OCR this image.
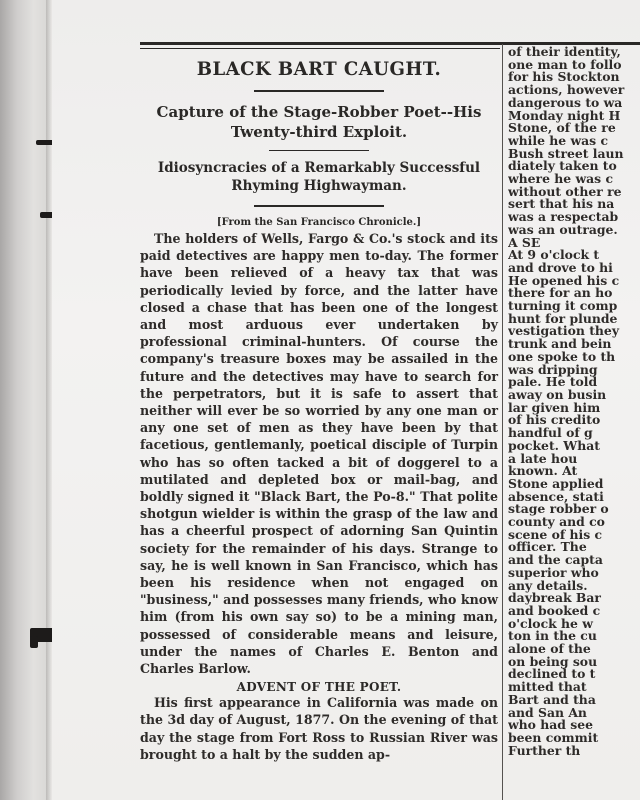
BLACK BART CAUGHT.
Capture of the Stage-Robber Poet--His Twenty-third Exploit.
Idiosyncracies of a Remarkably Successful Rhyming Highwayman.
[From the San Francisco Chronicle.]

The holders of Wells, Fargo & Co.'s stock and its paid detectives are happy men to-day. The former have been relieved of a heavy tax that was periodically levied by force, and the latter have closed a chase that has been one of the longest and most arduous ever undertaken by professional criminal-hunters. Of course the company's treasure boxes may be assailed in the future and the detectives may have to search for the perpetrators, but it is safe to assert that neither will ever be so worried by any one man or any one set of men as they have been by that facetious, gentlemanly, poetical disciple of Turpin who has so often tacked a bit of doggerel to a mutilated and depleted box or mail-bag, and boldly signed it "Black Bart, the Po-8." That polite shotgun wielder is within the grasp of the law and has a cheerful prospect of adorning San Quintin society for the remainder of his days. Strange to say, he is well known in San Francisco, which has been his residence when not engaged on "business," and possesses many friends, who know him (from his own say so) to be a mining man, possessed of considerable means and leisure, under the names of Charles E. Benton and Charles Barlow.

ADVENT OF THE POET.

His first appearance in California was made on the 3d day of August, 1877. On the evening of that day the stage from Fort Ross to Russian River was brought to a halt by the sudden ap-

of their identity,
one man to follo
for his Stockton
actions, however
dangerous to wa
Monday night H
Stone, of the re
while he was c
Bush street laun
diately taken to
where he was c
without other re
sert that his na
was a respectab
was an outrage.
A SE
At 9 o'clock t
and drove to hi
He opened his c
there for an ho
turning it comp
hunt for plunde
vestigation they
trunk and bein
one spoke to th
was dripping
pale. He told
away on busin
lar given him
of his credito
handful of g
pocket. What
a late hou
known. At
Stone applied
absence, stati
stage robber o
county and co
scene of his c
officer. The
and the capta
superior who
any details.
daybreak Bar
and booked c
o'clock he w
ton in the cu
alone of the
on being sou
declined to t
mitted that
Bart and tha
and San An
who had see
been commit
Further th
